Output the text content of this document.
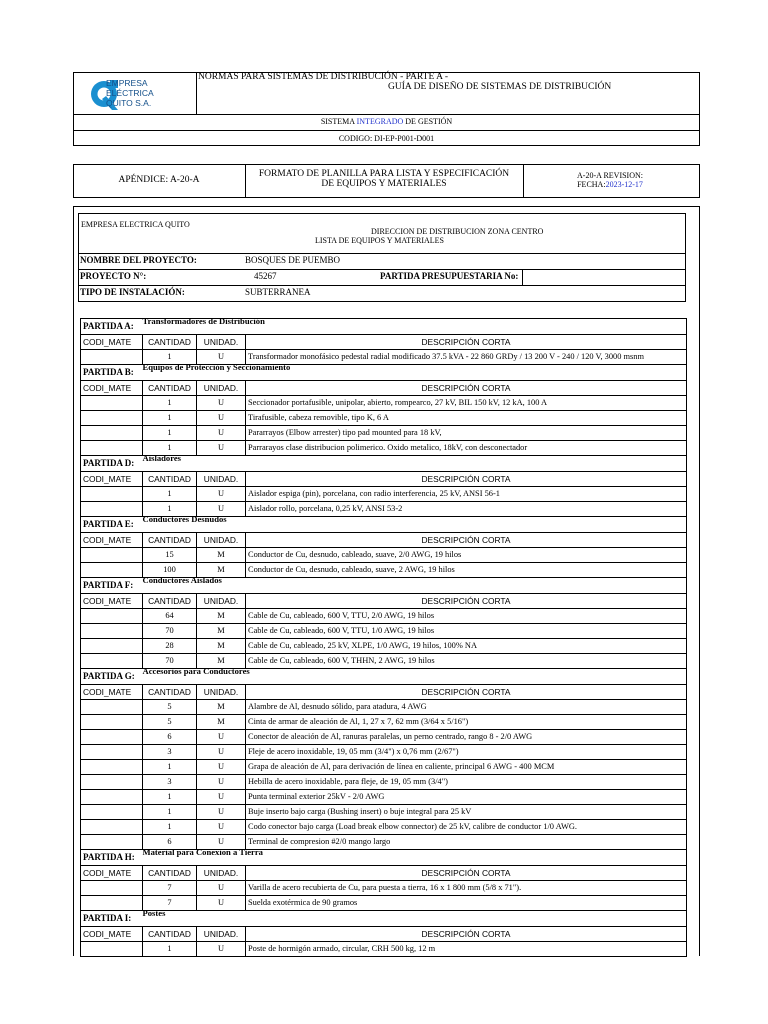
EMPRESA
ELÉCTRICA
QUITO S.A.
NORMAS PARA SISTEMAS DE DISTRIBUCIÓN - PARTE A -
GUÍA DE DISEÑO DE SISTEMAS DE DISTRIBUCIÓN
SISTEMA INTEGRADO DE GESTIÓN
CODIGO: DI-EP-P001-D001
APÉNDICE: A-20-A
FORMATO DE PLANILLA PARA LISTA Y ESPECIFICACIÓN
DE EQUIPOS Y MATERIALES
A-20-A REVISION:
FECHA:2023-12-17
EMPRESA ELECTRICA QUITO
DIRECCION DE DISTRIBUCION ZONA CENTRO
LISTA DE EQUIPOS Y MATERIALES
NOMBRE DEL PROYECTO:	BOSQUES DE PUEMBO
PROYECTO N°:	45267	PARTIDA PRESUPUESTARIA No:
TIPO DE INSTALACIÓN:	SUBTERRANEA
PARTIDA A:	Transformadores de Distribución		
CODI_MATE	CANTIDAD	UNIDAD.	DESCRIPCIÓN CORTA
	1	U	Transformador monofásico pedestal radial modificado 37.5 kVA - 22 860 GRDy / 13 200 V - 240 / 120 V, 3000 msnm
PARTIDA B:	Equipos de Protección y Seccionamiento		
CODI_MATE	CANTIDAD	UNIDAD.	DESCRIPCIÓN CORTA
	1	U	Seccionador portafusible, unipolar, abierto, rompearco, 27 kV, BIL 150 kV, 12 kA, 100 A
	1	U	Tirafusible, cabeza removible, tipo K, 6 A
	1	U	Pararrayos (Elbow arrester) tipo pad mounted para 18 kV,
	1	U	Parrarayos clase distribucion polimerico. Oxido metalico, 18kV, con desconectador
PARTIDA D:	Aisladores		
CODI_MATE	CANTIDAD	UNIDAD.	DESCRIPCIÓN CORTA
	1	U	Aislador espiga (pin), porcelana, con radio interferencia, 25 kV, ANSI 56-1
	1	U	Aislador rollo, porcelana, 0,25 kV, ANSI 53-2
PARTIDA E:	Conductores Desnudos		
CODI_MATE	CANTIDAD	UNIDAD.	DESCRIPCIÓN CORTA
	15	M	Conductor de Cu, desnudo, cableado, suave, 2/0 AWG, 19 hilos
	100	M	Conductor de Cu, desnudo, cableado, suave, 2 AWG, 19 hilos
PARTIDA F:	Conductores Aislados		
CODI_MATE	CANTIDAD	UNIDAD.	DESCRIPCIÓN CORTA
	64	M	Cable de Cu, cableado, 600 V, TTU, 2/0 AWG, 19 hilos
	70	M	Cable de Cu, cableado, 600 V, TTU, 1/0 AWG, 19 hilos
	28	M	Cable de Cu, cableado, 25 kV, XLPE, 1/0 AWG, 19 hilos, 100% NA
	70	M	Cable de Cu, cableado, 600 V, THHN, 2 AWG, 19 hilos
PARTIDA G:	Accesorios para Conductores		
CODI_MATE	CANTIDAD	UNIDAD.	DESCRIPCIÓN CORTA
	5	M	Alambre de Al, desnudo sólido, para atadura, 4 AWG
	5	M	Cinta de armar de aleación de Al, 1, 27 x 7, 62 mm (3/64 x 5/16")
	6	U	Conector de aleación de Al, ranuras paralelas, un perno centrado, rango 8 - 2/0 AWG
	3	U	Fleje de acero inoxidable, 19, 05 mm (3/4") x 0,76 mm (2/67")
	1	U	Grapa de aleación de Al, para derivación de línea en caliente, principal 6 AWG - 400 MCM
	3	U	Hebilla de acero inoxidable, para fleje, de 19, 05 mm (3/4")
	1	U	Punta terminal exterior 25kV - 2/0 AWG
	1	U	Buje inserto bajo carga (Bushing insert) o buje integral para 25 kV
	1	U	Codo conector bajo carga (Load break elbow connector) de 25 kV, calibre de conductor 1/0 AWG.
	6	U	Terminal de compresion #2/0 mango largo
PARTIDA H:	Material para Conexion a Tierra		
CODI_MATE	CANTIDAD	UNIDAD.	DESCRIPCIÓN CORTA
	7	U	Varilla de acero recubierta de Cu, para puesta a tierra, 16 x 1 800 mm (5/8 x 71").
	7	U	Suelda exotérmica de 90 gramos
PARTIDA I:	Postes		
CODI_MATE	CANTIDAD	UNIDAD.	DESCRIPCIÓN CORTA
	1	U	Poste de hormigón armado, circular, CRH 500 kg, 12 m
